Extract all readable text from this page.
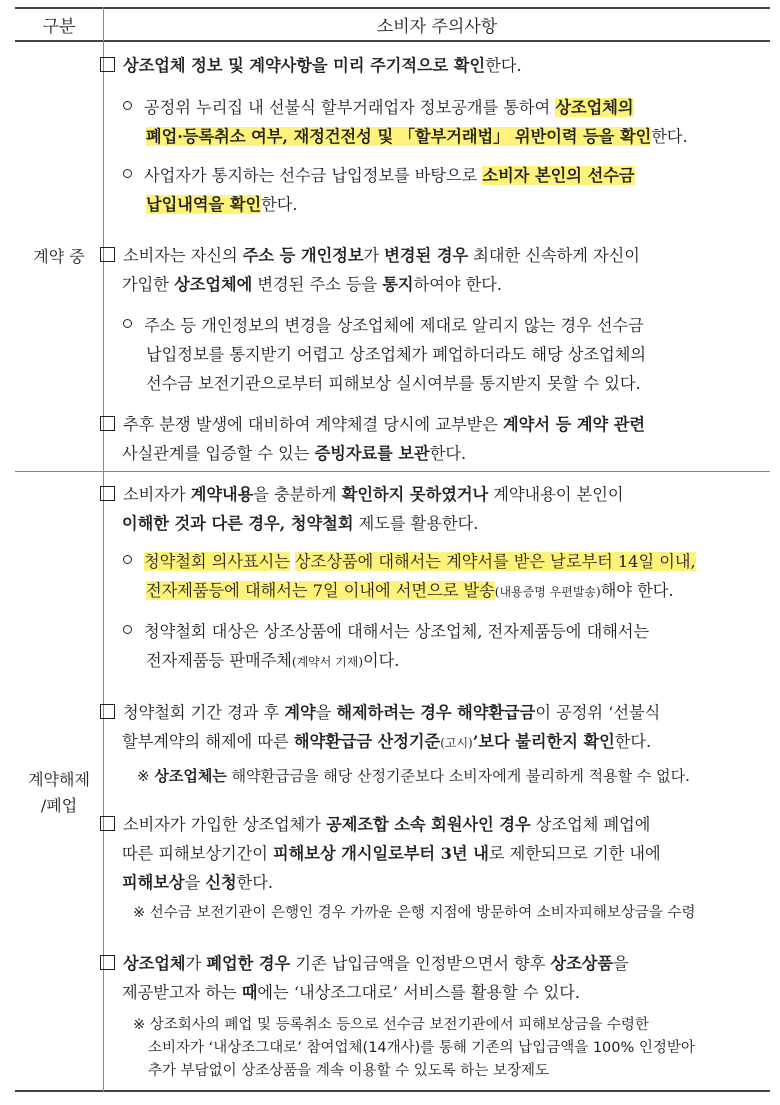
구분	소비자 주의사항
계약 중
계약해제
/폐업
상조업체 정보 및 계약사항을 미리 주기적으로 확인한다.
공정위 누리집 내 선불식 할부거래업자 정보공개를 통하여 상조업체의
폐업·등록취소 여부, 재정건전성 및 「할부거래법」 위반이력 등을 확인한다.
사업자가 통지하는 선수금 납입정보를 바탕으로 소비자 본인의 선수금
납입내역을 확인한다.
소비자는 자신의 주소 등 개인정보가 변경된 경우 최대한 신속하게 자신이
가입한 상조업체에 변경된 주소 등을 통지하여야 한다.
주소 등 개인정보의 변경을 상조업체에 제대로 알리지 않는 경우 선수금
납입정보를 통지받기 어렵고 상조업체가 폐업하더라도 해당 상조업체의
선수금 보전기관으로부터 피해보상 실시여부를 통지받지 못할 수 있다.
추후 분쟁 발생에 대비하여 계약체결 당시에 교부받은 계약서 등 계약 관련
사실관계를 입증할 수 있는 증빙자료를 보관한다.
소비자가 계약내용을 충분하게 확인하지 못하였거나 계약내용이 본인이
이해한 것과 다른 경우, 청약철회 제도를 활용한다.
청약철회 의사표시는 상조상품에 대해서는 계약서를 받은 날로부터 14일 이내,
전자제품등에 대해서는 7일 이내에 서면으로 발송(내용증명 우편발송)해야 한다.
청약철회 대상은 상조상품에 대해서는 상조업체, 전자제품등에 대해서는
전자제품등 판매주체(계약서 기재)이다.
청약철회 기간 경과 후 계약을 해제하려는 경우 해약환급금이 공정위 ‘선불식
할부계약의 해제에 따른 해약환급금 산정기준(고시)’보다 불리한지 확인한다.
※ 상조업체는 해약환급금을 해당 산정기준보다 소비자에게 불리하게 적용할 수 없다.
소비자가 가입한 상조업체가 공제조합 소속 회원사인 경우 상조업체 폐업에
따른 피해보상기간이 피해보상 개시일로부터 3년 내로 제한되므로 기한 내에
피해보상을 신청한다.
※ 선수금 보전기관이 은행인 경우 가까운 은행 지점에 방문하여 소비자피해보상금을 수령
상조업체가 폐업한 경우 기존 납입금액을 인정받으면서 향후 상조상품을
제공받고자 하는 때에는 ‘내상조그대로’ 서비스를 활용할 수 있다.
※ 상조회사의 폐업 및 등록취소 등으로 선수금 보전기관에서 피해보상금을 수령한
소비자가 ‘내상조그대로’ 참여업체(14개사)를 통해 기존의 납입금액을 100% 인정받아
추가 부담없이 상조상품을 계속 이용할 수 있도록 하는 보장제도
